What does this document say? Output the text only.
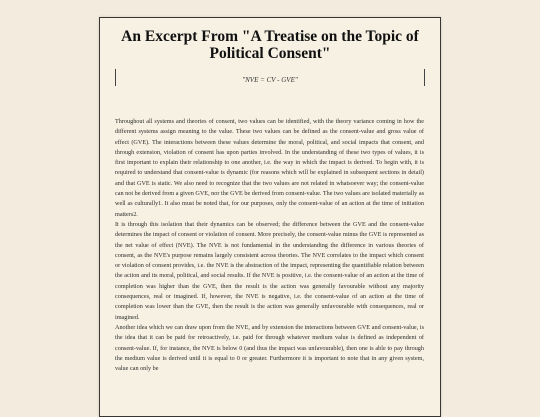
An Excerpt From "A Treatise on the Topic of Political Consent"
"NVE = CV - GVE"

Throughout all systems and theories of consent, two values can be identified, with the theory variance coming in how the different systems assign meaning to the value. These two values can be defined as the consent-value and gross value of effect (GVE). The interactions between these values determine the moral, political, and social impacts that consent, and through extension, violation of consent has upon parties involved. In the understanding of these two types of values, it is first important to explain their relationship to one another, i.e. the way in which the impact is derived. To begin with, it is required to understand that consent-value is dynamic (for reasons which will be explained in subsequent sections in detail) and that GVE is static. We also need to recognize that the two values are not related in whatsoever way; the consent-value can not be derived from a given GVE, nor the GVE be derived from consent-value. The two values are isolated materially as well as culturally1. It also must be noted that, for our purposes, only the consent-value of an action at the time of initiation matters2.

It is through this isolation that their dynamics can be observed; the difference between the GVE and the consent-value determines the impact of consent or violation of consent. More precisely, the consent-value minus the GVE is represented as the net value of effect (NVE). The NVE is not fundamental in the understanding the difference in various theories of consent, as the NVE's purpose remains largely consistent across theories. The NVE correlates to the impact which consent or violation of consent provides, i.e. the NVE is the abstraction of the impact, representing the quantifiable relation between the action and its moral, political, and social results. If the NVE is positive, i.e. the consent-value of an action at the time of completion was higher than the GVE, then the result is the action was generally favourable without any majority consequences, real or imagined. If, however, the NVE is negative, i.e. the consent-value of an action at the time of completion was lower than the GVE, then the result is the action was generally unfavourable with consequences, real or imagined.

Another idea which we can draw upon from the NVE, and by extension the interactions between GVE and consent-value, is the idea that it can be paid for retroactively, i.e. paid for through whatever medium value is defined as independent of consent-value. If, for instance, the NVE is below 0 (and thus the impact was unfavourable), then one is able to pay through the medium value is derived until it is equal to 0 or greater. Furthermore it is important to note that in any given system, value can only be
